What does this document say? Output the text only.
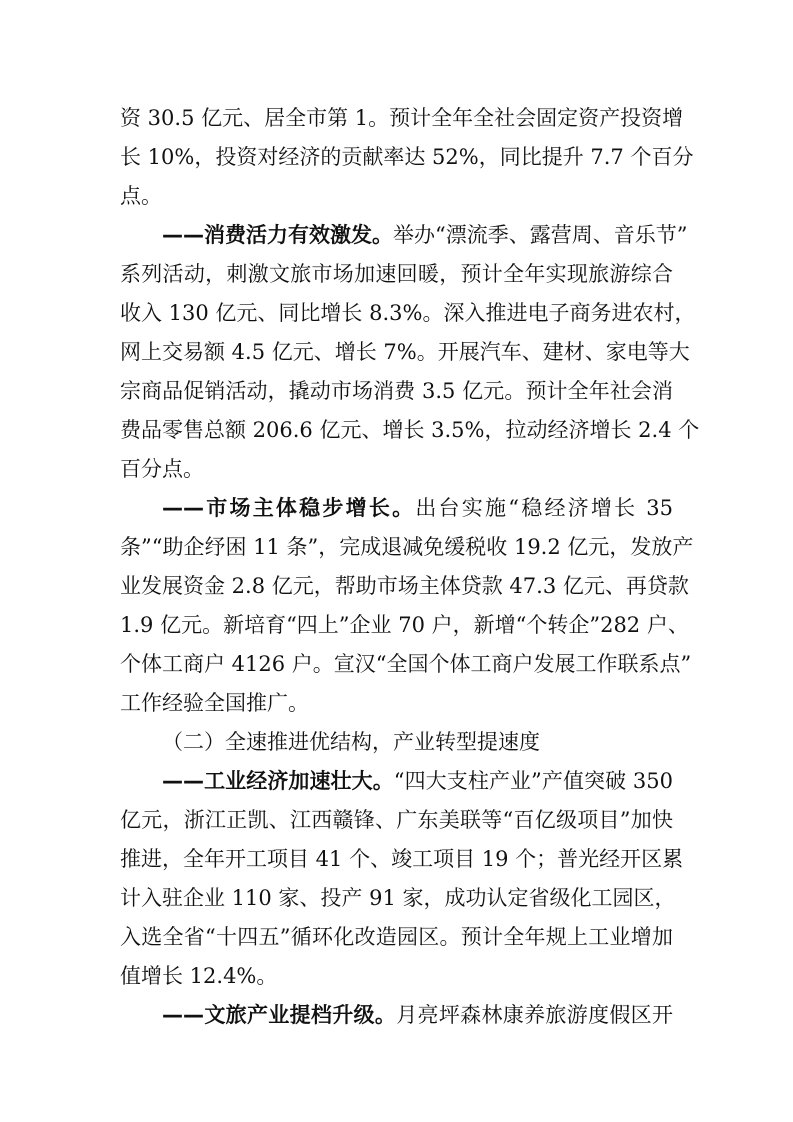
资 30.5 亿元、居全市第 1。预计全年全社会固定资产投资增
长 10%，投资对经济的贡献率达 52%，同比提升 7.7 个百分
点。
——消费活力有效激发。举办“漂流季、露营周、音乐节”
系列活动，刺激文旅市场加速回暖，预计全年实现旅游综合
收入 130 亿元、同比增长 8.3%。深入推进电子商务进农村，
网上交易额 4.5 亿元、增长 7%。开展汽车、建材、家电等大
宗商品促销活动，撬动市场消费 3.5 亿元。预计全年社会消
费品零售总额 206.6 亿元、增长 3.5%，拉动经济增长 2.4 个
百分点。
——市场主体稳步增长。出台实施“稳经济增长 35
条”“助企纾困 11 条”，完成退减免缓税收 19.2 亿元，发放产
业发展资金 2.8 亿元，帮助市场主体贷款 47.3 亿元、再贷款
1.9 亿元。新培育“四上”企业 70 户，新增“个转企”282 户、
个体工商户 4126 户。宣汉“全国个体工商户发展工作联系点”
工作经验全国推广。
（二）全速推进优结构，产业转型提速度
——工业经济加速壮大。“四大支柱产业”产值突破 350
亿元，浙江正凯、江西赣锋、广东美联等“百亿级项目”加快
推进，全年开工项目 41 个、竣工项目 19 个；普光经开区累
计入驻企业 110 家、投产 91 家，成功认定省级化工园区，
入选全省“十四五”循环化改造园区。预计全年规上工业增加
值增长 12.4%。
——文旅产业提档升级。月亮坪森林康养旅游度假区开
